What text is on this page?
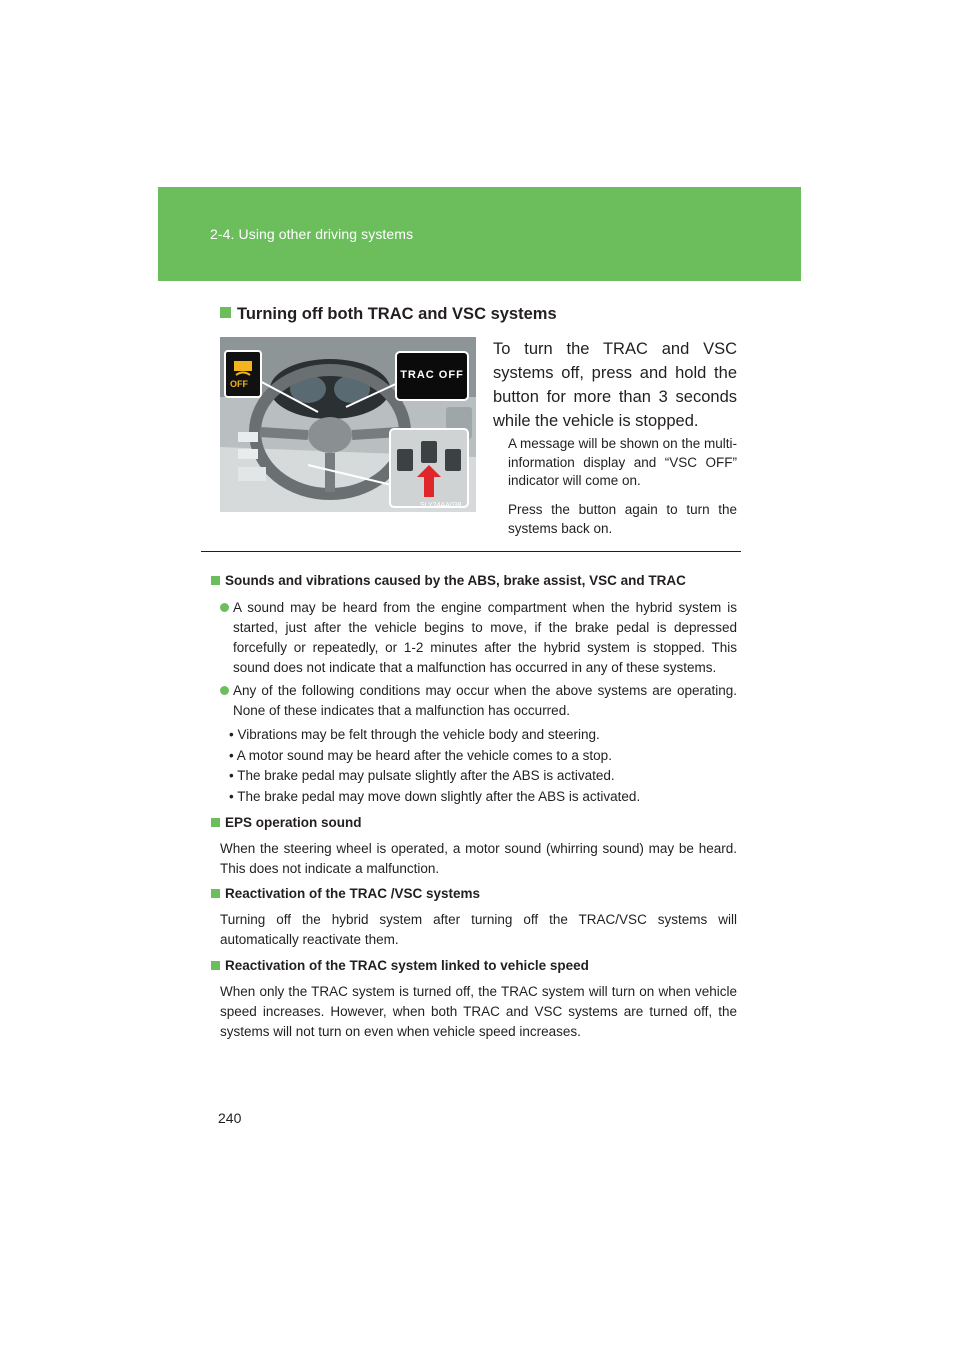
2-4. Using other driving systems
Turning off both TRAC and VSC systems
OFF
TRAC OFF
SLY24AA038

To turn the TRAC and VSC systems off, press and hold the button for more than 3 seconds while the vehicle is stopped.

A message will be shown on the multi-information display and “VSC OFF” indicator will come on.

Press the button again to turn the systems back on.

Sounds and vibrations caused by the ABS, brake assist, VSC and TRAC

A sound may be heard from the engine compartment when the hybrid system is started, just after the vehicle begins to move, if the brake pedal is depressed forcefully or repeatedly, or 1-2 minutes after the hybrid system is stopped. This sound does not indicate that a malfunction has occurred in any of these systems.

Any of the following conditions may occur when the above systems are operating. None of these indicates that a malfunction has occurred.

• Vibrations may be felt through the vehicle body and steering.

• A motor sound may be heard after the vehicle comes to a stop.

• The brake pedal may pulsate slightly after the ABS is activated.

• The brake pedal may move down slightly after the ABS is activated.

EPS operation sound

When the steering wheel is operated, a motor sound (whirring sound) may be heard. This does not indicate a malfunction.

Reactivation of the TRAC /VSC systems

Turning off the hybrid system after turning off the TRAC/VSC systems will automatically reactivate them.

Reactivation of the TRAC system linked to vehicle speed

When only the TRAC system is turned off, the TRAC system will turn on when vehicle speed increases. However, when both TRAC and VSC systems are turned off, the systems will not turn on even when vehicle speed increases.

240
